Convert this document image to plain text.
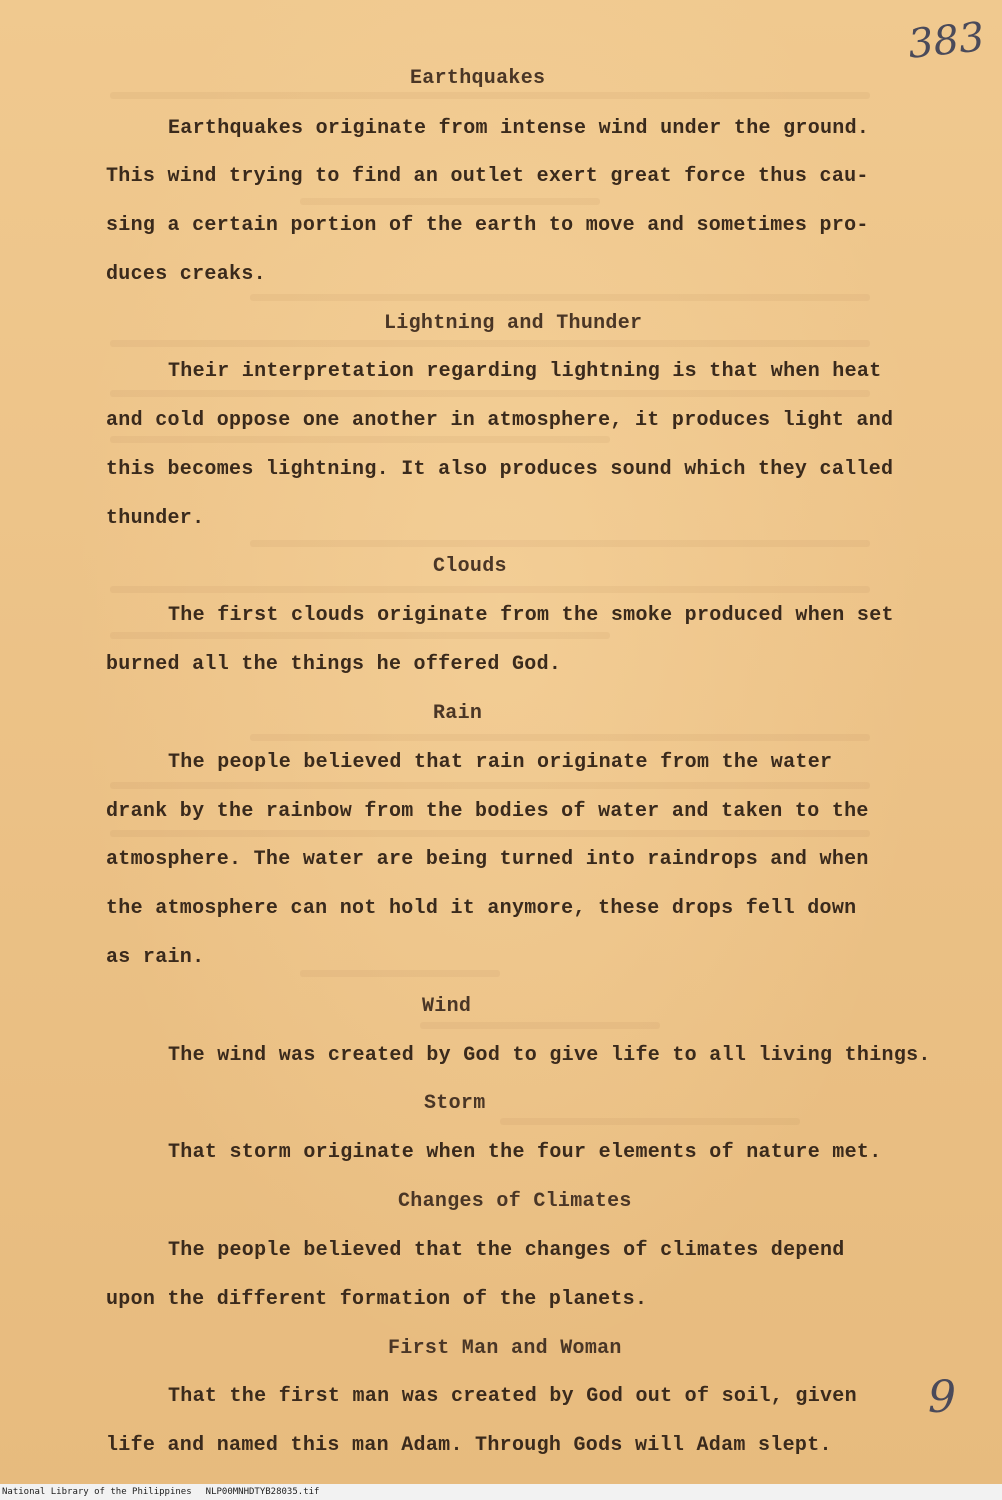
383
Earthquakes
Earthquakes originate from intense wind under the ground.
This wind trying to find an outlet exert great force thus cau-
sing a certain portion of the earth to move and sometimes pro-
duces creaks.
Lightning and Thunder
Their interpretation regarding lightning is that when heat
and cold oppose one another in atmosphere, it produces light and
this becomes lightning. It also produces sound which they called
thunder.
Clouds
The first clouds originate from the smoke produced when set
burned all the things he offered God.
Rain
The people believed that rain originate from the water
drank by the rainbow from the bodies of water and taken to the
atmosphere. The water are being turned into raindrops and when
the atmosphere can not hold it anymore, these drops fell down
as rain.
Wind
The wind was created by God to give life to all living things.
Storm
That storm originate when the four elements of nature met.
Changes of Climates
The people believed that the changes of climates depend
upon the different formation of the planets.
First Man and Woman
That the first man was created by God out of soil, given
life and named this man Adam. Through Gods will Adam slept.
9
National Library of the Philippines NLP00MNHDTYB28035.tif
